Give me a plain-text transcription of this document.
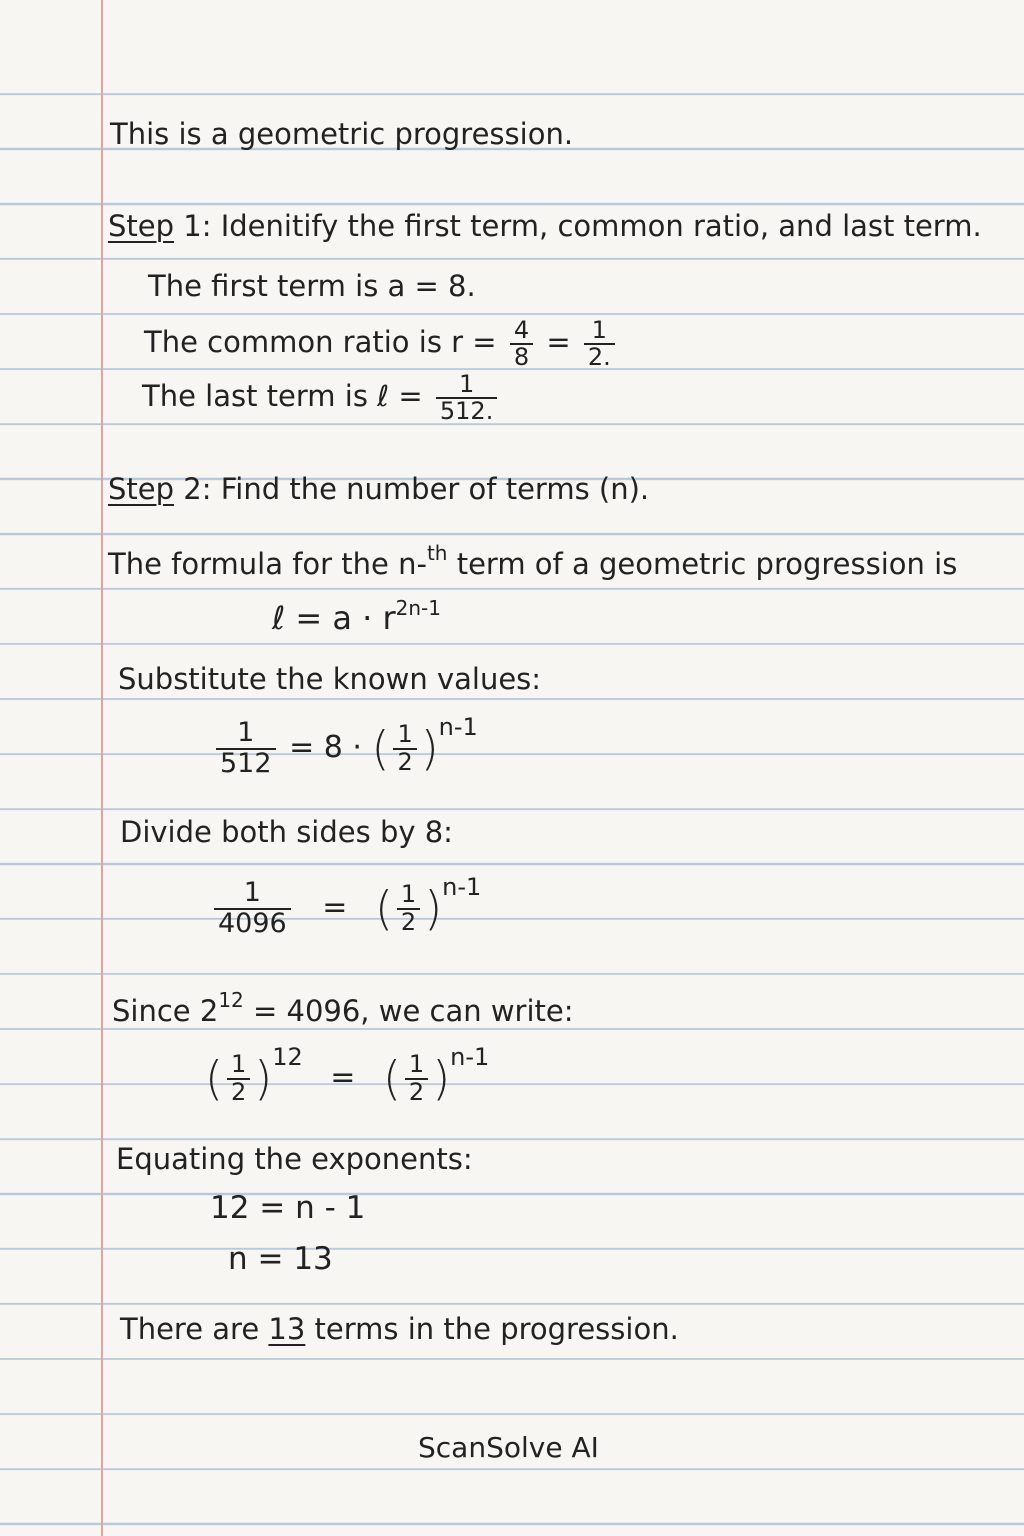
This is a geometric progression.
Step 1: Idenitify the first term, common ratio, and last term.
The first term is a = 8.
The common ratio is $r = \frac{4}{8} = \frac{1}{2.}$
The last term is ℓ = $\frac{1}{512.}$
Step 2: Find the number of terms (n).
The formula for the n-$^{th}$ term of a geometric progression is
ℓ = $a \cdot r^{2n-1}$
Substitute the known values:
$\frac{1}{512} = 8$ · ( $\frac{1}{2} )^{n-1}$
Divide both sides by 8:
$\frac{1}{4096}$ = ( $\frac{1}{2} )^{n-1}$
Since $2^{12} = 4096$, we can write:
( $\frac{1}{2} )^{12}$ = ( $\frac{1}{2} )^{n-1}$
Equating the exponents:
12 = n - 1
n = 13
There are 13 terms in the progression.
ScanSolve AI
